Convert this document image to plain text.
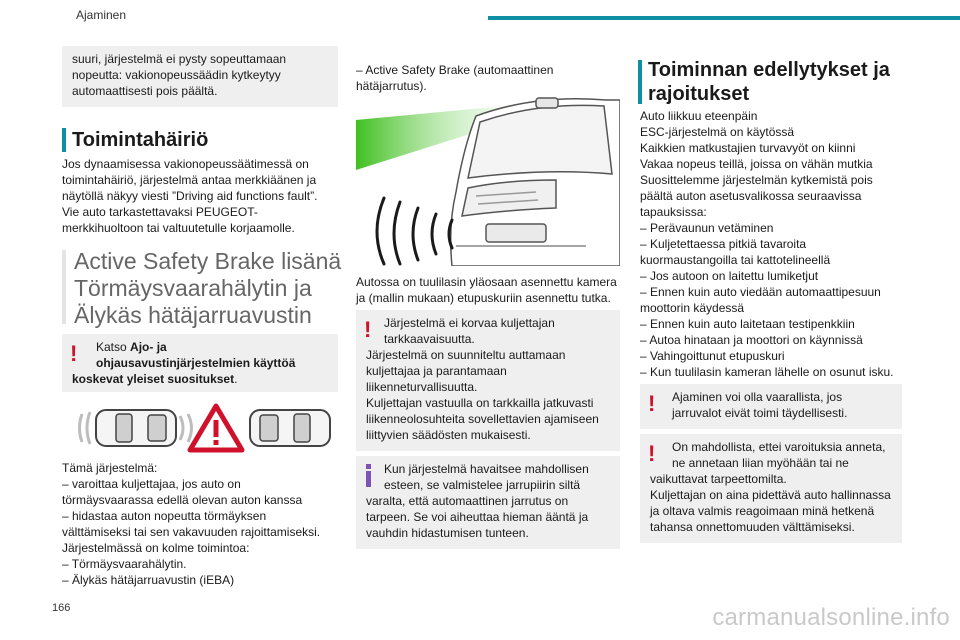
Ajaminen
suuri, järjestelmä ei pysty sopeuttamaan
nopeutta: vakionopeussäädin kytkeytyy
automaattisesti pois päältä.
Toimintahäiriö
Jos dynaamisessa vakionopeussäätimessä on
toimintahäiriö, järjestelmä antaa merkkiäänen ja
näytöllä näkyy viesti ”Driving aid functions fault”.
Vie auto tarkastettavaksi PEUGEOT-
merkkihuoltoon tai valtuutetulle korjaamolle.
Active Safety Brake lisänä
Törmäysvaarahälytin ja
Älykäs hätäjarruavustin
!	Katso Ajo- ja
ohjausavustinjärjestelmien käyttöä
koskevat yleiset suositukset.
Tämä järjestelmä:
– varoittaa kuljettajaa, jos auto on
törmäysvaarassa edellä olevan auton kanssa
– hidastaa auton nopeutta törmäyksen
välttämiseksi tai sen vakavuuden rajoittamiseksi.
Järjestelmässä on kolme toimintoa:
– Törmäysvaarahälytin.
– Älykäs hätäjarruavustin (iEBA)
– Active Safety Brake (automaattinen
hätäjarrutus).
Autossa on tuulilasin yläosaan asennettu kamera
ja (mallin mukaan) etupuskuriin asennettu tutka.
!	Järjestelmä ei korvaa kuljettajan
tarkkaavaisuutta.
Järjestelmä on suunniteltu auttamaan
kuljettajaa ja parantamaan
liikenneturvallisuutta.
Kuljettajan vastuulla on tarkkailla jatkuvasti
liikenneolosuhteita sovellettavien ajamiseen
liittyvien säädösten mukaisesti.
Kun järjestelmä havaitsee mahdollisen
esteen, se valmistelee jarrupiirin siltä
varalta, että automaattinen jarrutus on
tarpeen. Se voi aiheuttaa hieman ääntä ja
vauhdin hidastumisen tunteen.
Toiminnan edellytykset ja
rajoitukset
Auto liikkuu eteenpäin
ESC-järjestelmä on käytössä
Kaikkien matkustajien turvavyöt on kiinni
Vakaa nopeus teillä, joissa on vähän mutkia
Suosittelemme järjestelmän kytkemistä pois
päältä auton asetusvalikossa seuraavissa
tapauksissa:
– Perävaunun vetäminen
– Kuljetettaessa pitkiä tavaroita
kuormaustangoilla tai kattotelineellä
– Jos autoon on laitettu lumiketjut
– Ennen kuin auto viedään automaattipesuun
moottorin käydessä
– Ennen kuin auto laitetaan testipenkkiin
– Autoa hinataan ja moottori on käynnissä
– Vahingoittunut etupuskuri
– Kun tuulilasin kameran lähelle on osunut isku.
!	Ajaminen voi olla vaarallista, jos
jarruvalot eivät toimi täydellisesti.
!	On mahdollista, ettei varoituksia anneta,
ne annetaan liian myöhään tai ne
vaikuttavat tarpeettomilta.
Kuljettajan on aina pidettävä auto hallinnassa
ja oltava valmis reagoimaan minä hetkenä
tahansa onnettomuuden välttämiseksi.
166	carmanualsonline.info
